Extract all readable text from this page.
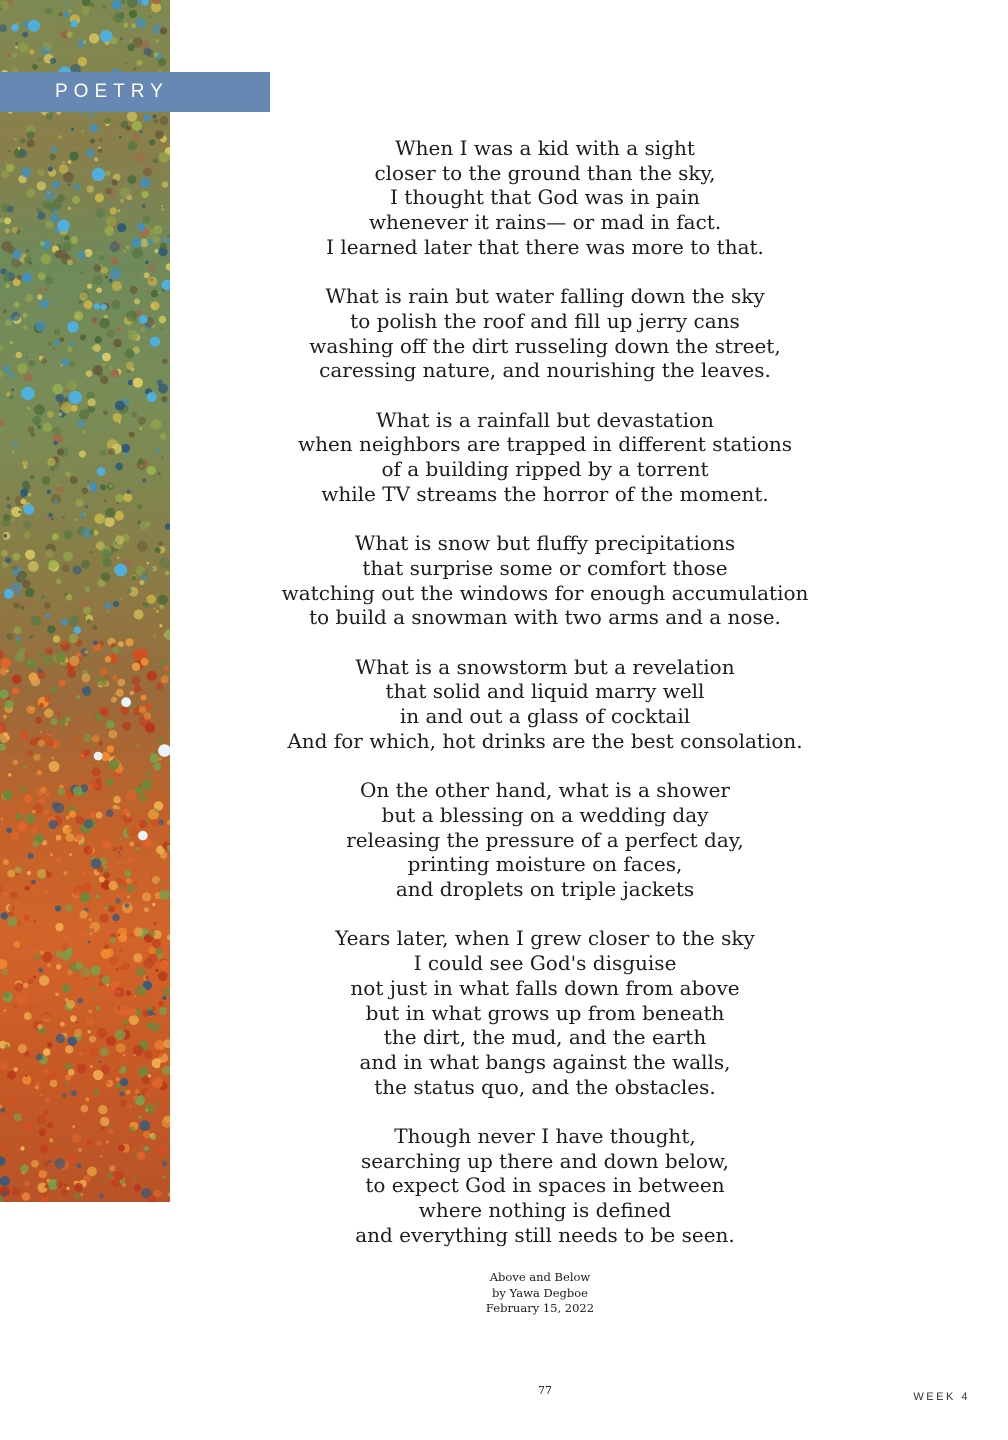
POETRY
When I was a kid with a sight
closer to the ground than the sky,
I thought that God was in pain
whenever it rains— or mad in fact.
I learned later that there was more to that.
What is rain but water falling down the sky
to polish the roof and fill up jerry cans
washing off the dirt russeling down the street,
caressing nature, and nourishing the leaves.
What is a rainfall but devastation
when neighbors are trapped in different stations
of a building ripped by a torrent
while TV streams the horror of the moment.
What is snow but fluffy precipitations
that surprise some or comfort those
watching out the windows for enough accumulation
to build a snowman with two arms and a nose.
What is a snowstorm but a revelation
that solid and liquid marry well
in and out a glass of cocktail
And for which, hot drinks are the best consolation.
On the other hand, what is a shower
but a blessing on a wedding day
releasing the pressure of a perfect day,
printing moisture on faces,
and droplets on triple jackets
Years later, when I grew closer to the sky
I could see God's disguise
not just in what falls down from above
but in what grows up from beneath
the dirt, the mud, and the earth
and in what bangs against the walls,
the status quo, and the obstacles.
Though never I have thought,
searching up there and down below,
to expect God in spaces in between
where nothing is defined
and everything still needs to be seen.
Above and Below
by Yawa Degboe
February 15, 2022
77	WEEK 4
